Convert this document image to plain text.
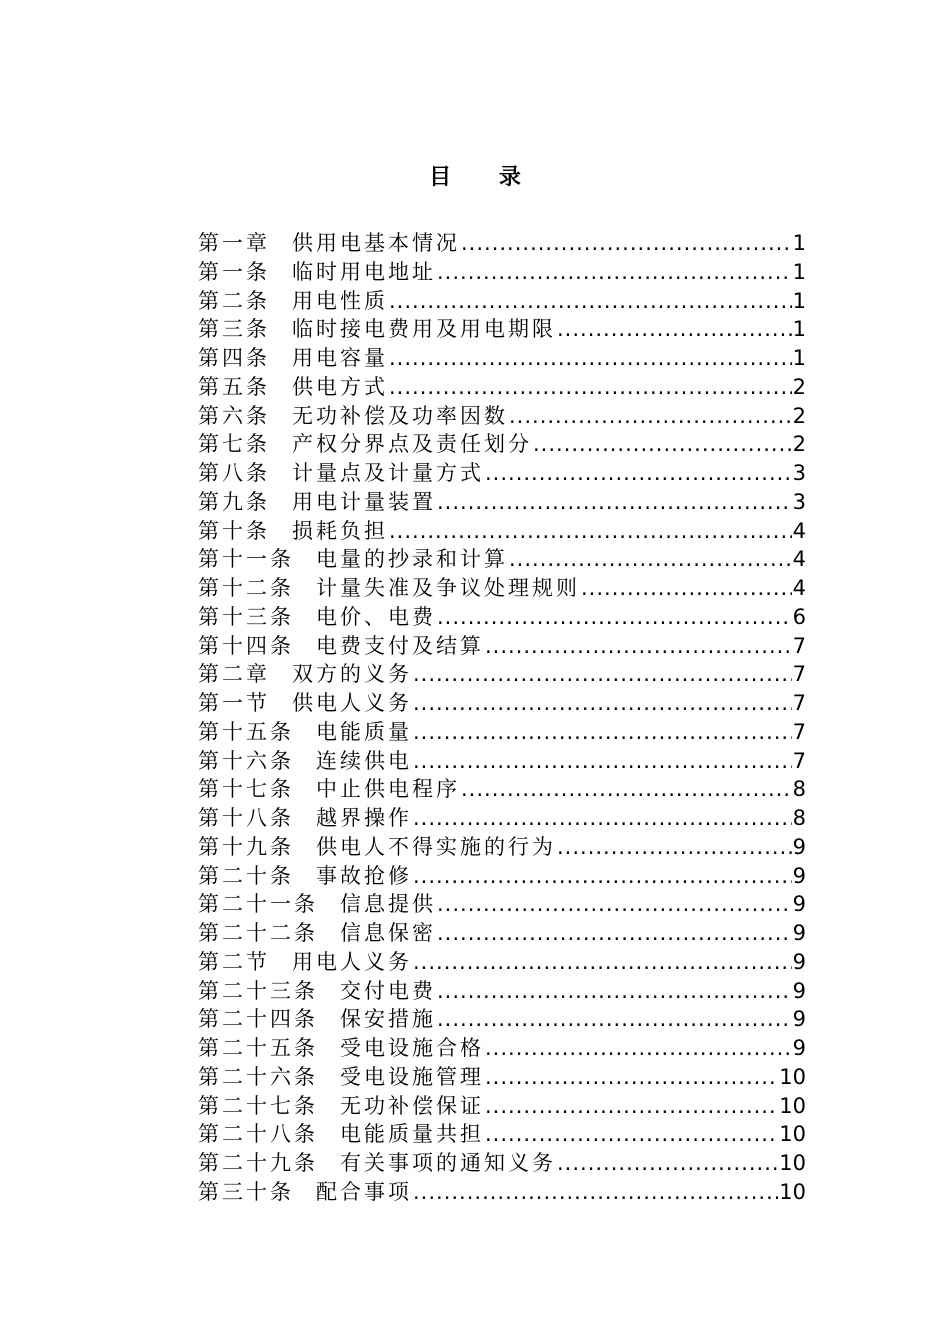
目 录
第一章 供用电基本情况 .....	1
第一条 临时用电地址 .....	1
第二条 用电性质 .....	1
第三条 临时接电费用及用电期限 .....	1
第四条 用电容量 .....	1
第五条 供电方式 .....	2
第六条 无功补偿及功率因数 .....	2
第七条 产权分界点及责任划分 .....	2
第八条 计量点及计量方式 .....	3
第九条 用电计量装置 .....	3
第十条 损耗负担 .....	4
第十一条 电量的抄录和计算 .....	4
第十二条 计量失准及争议处理规则 .....	4
第十三条 电价、电费 .....	6
第十四条 电费支付及结算 .....	7
第二章 双方的义务 .....	7
第一节 供电人义务 .....	7
第十五条 电能质量 .....	7
第十六条 连续供电 .....	7
第十七条 中止供电程序 .....	8
第十八条 越界操作 .....	8
第十九条 供电人不得实施的行为 .....	9
第二十条 事故抢修 .....	9
第二十一条 信息提供 .....	9
第二十二条 信息保密 .....	9
第二节 用电人义务 .....	9
第二十三条 交付电费 .....	9
第二十四条 保安措施 .....	9
第二十五条 受电设施合格 .....	9
第二十六条 受电设施管理 .....	10
第二十七条 无功补偿保证 .....	10
第二十八条 电能质量共担 .....	10
第二十九条 有关事项的通知义务 .....	10
第三十条 配合事项 .....	10
